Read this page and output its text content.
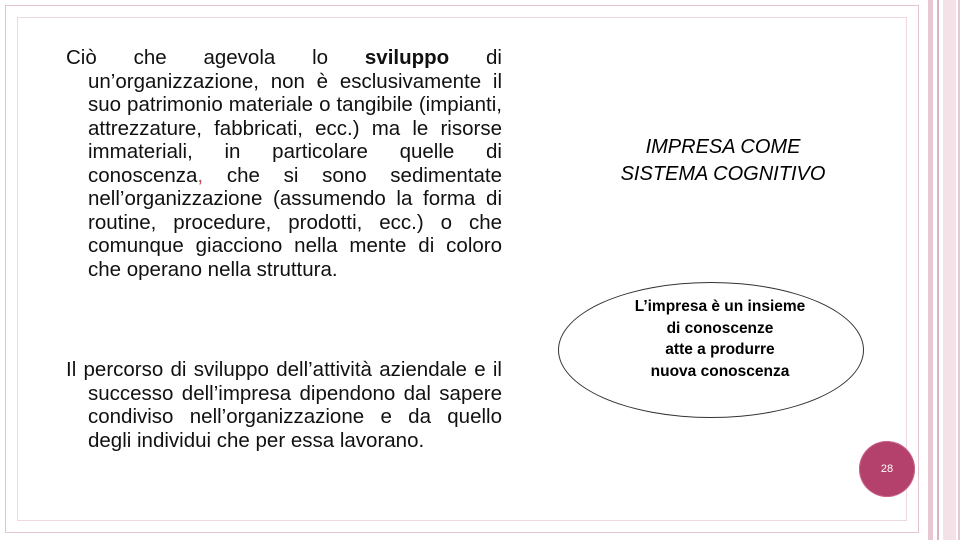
Ciò che agevola lo sviluppo di un’organizzazione, non è esclusivamente il suo patrimonio materiale o tangibile (impianti, attrezzature, fabbricati, ecc.) ma le risorse immateriali, in particolare quelle di conoscenza, che si sono sedimentate nell’organizzazione (assumendo la forma di routine, procedure, prodotti, ecc.) o che comunque giacciono nella mente di coloro che operano nella struttura.
Il percorso di sviluppo dell’attività aziendale e il successo dell’impresa dipendono dal sapere condiviso nell’organizzazione e da quello degli individui che per essa lavorano.
IMPRESA COME
SISTEMA COGNITIVO
L’impresa è un insieme
di conoscenze
atte a produrre
nuova conoscenza
28
